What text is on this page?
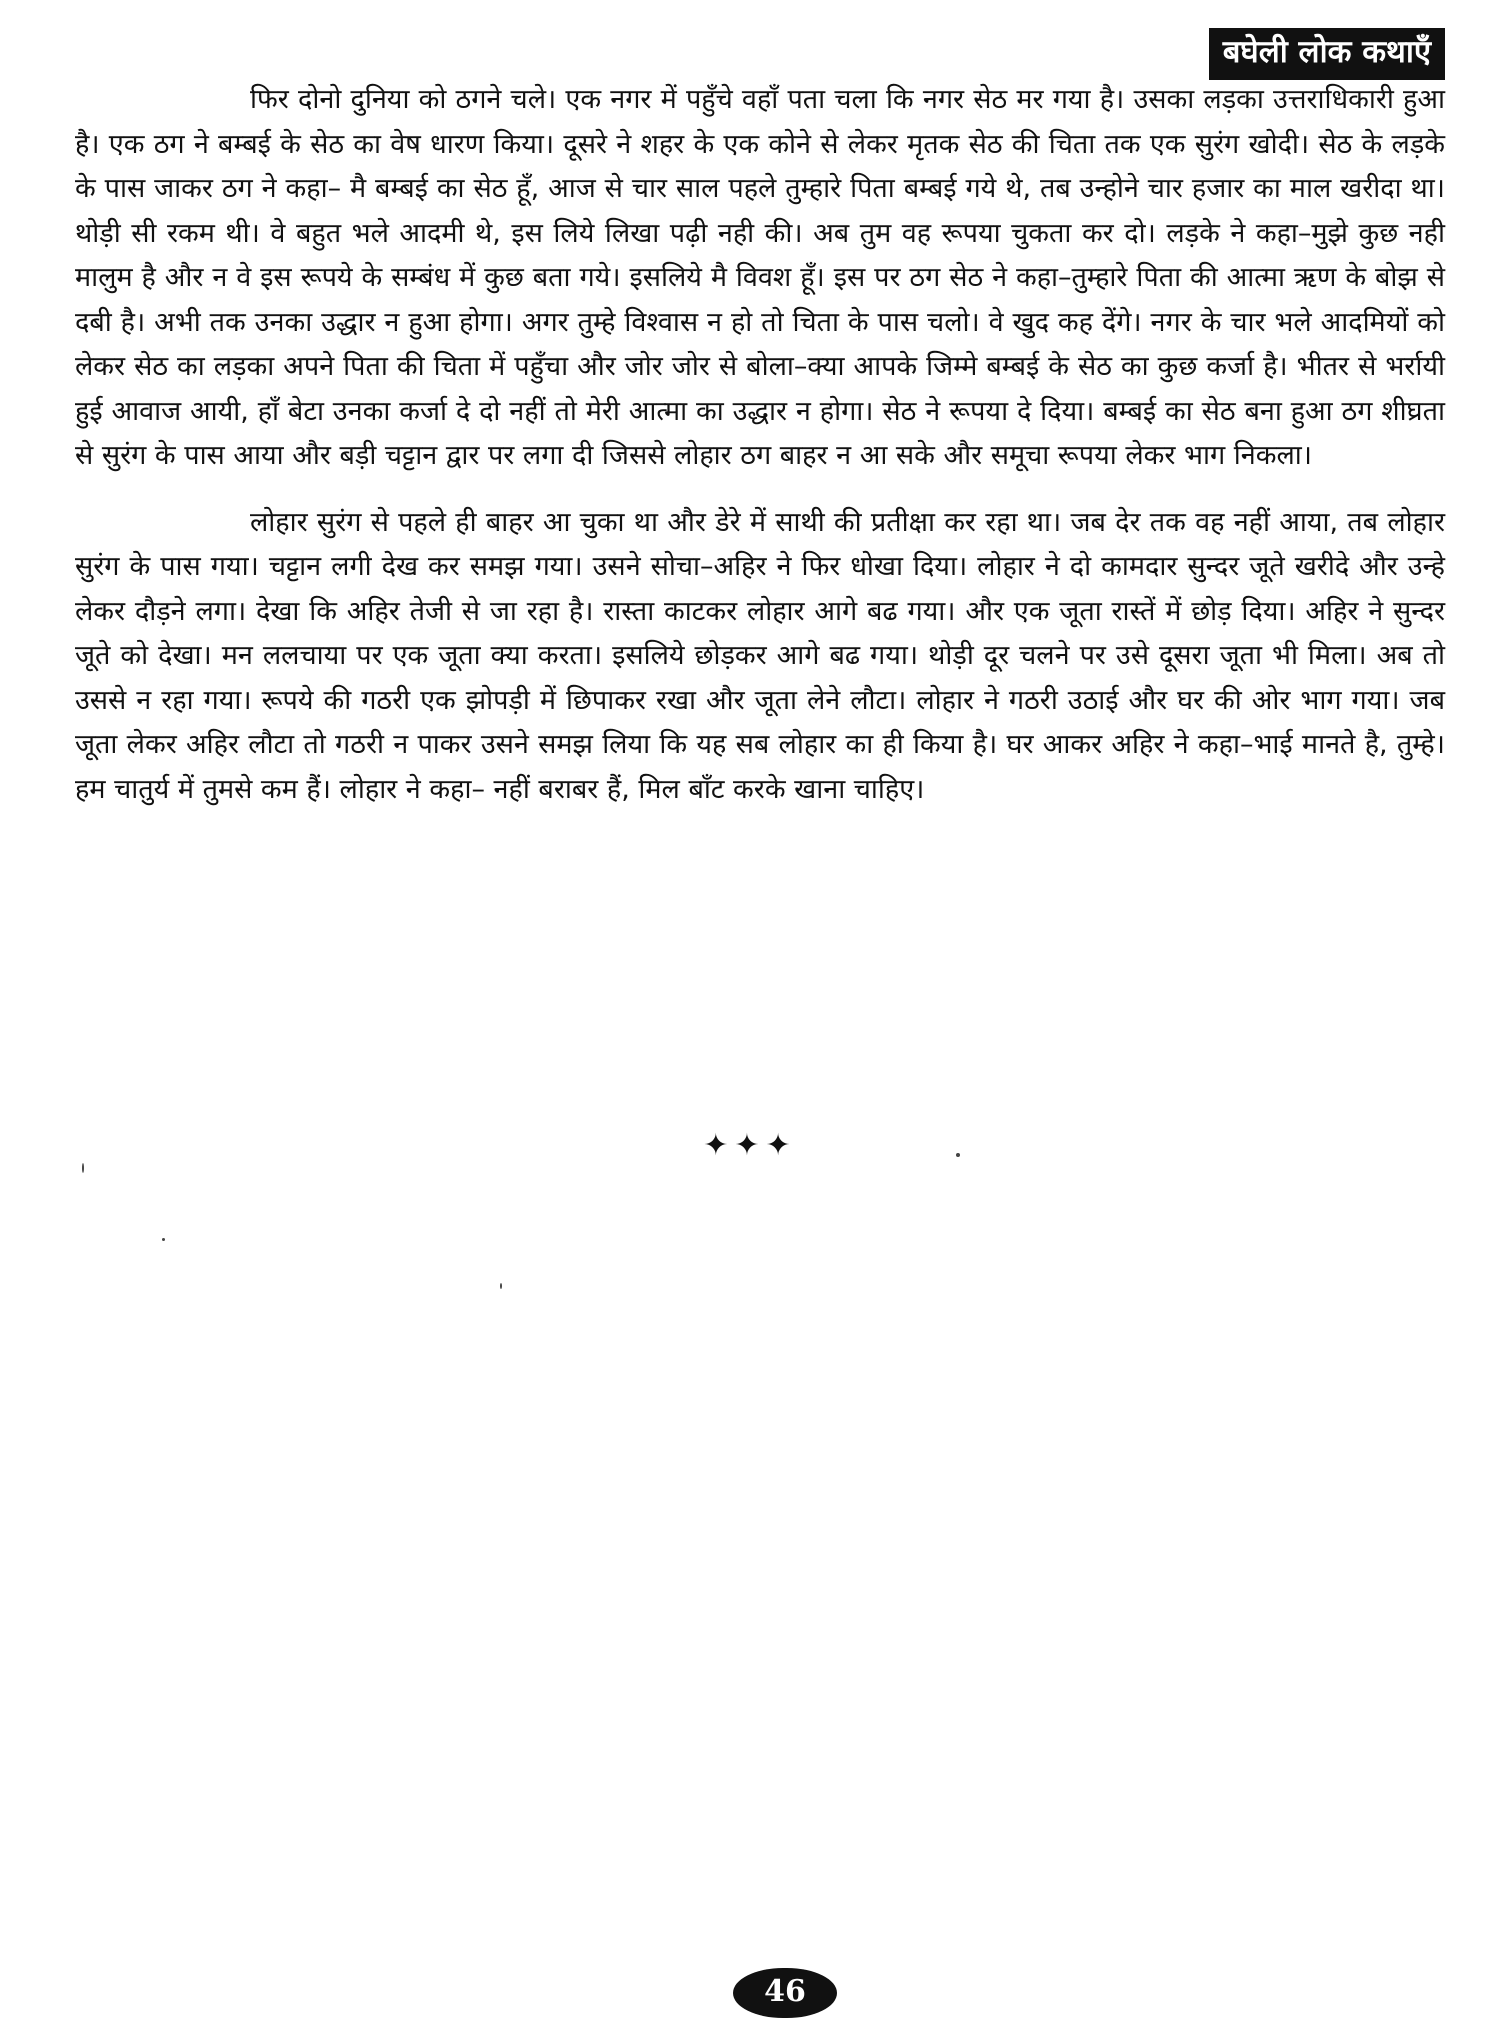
बघेली लोक कथाएँ

फिर दोनो दुनिया को ठगने चले। एक नगर में पहुँचे वहाँ पता चला कि नगर सेठ मर गया है। उसका लड़का उत्तराधिकारी हुआ है। एक ठग ने बम्बई के सेठ का वेष धारण किया। दूसरे ने शहर के एक कोने से लेकर मृतक सेठ की चिता तक एक सुरंग खोदी। सेठ के लड़के के पास जाकर ठग ने कहा– मै बम्बई का सेठ हूँ, आज से चार साल पहले तुम्हारे पिता बम्बई गये थे, तब उन्होने चार हजार का माल खरीदा था। थोड़ी सी रकम थी। वे बहुत भले आदमी थे, इस लिये लिखा पढ़ी नही की। अब तुम वह रूपया चुकता कर दो। लड़के ने कहा–मुझे कुछ नही मालुम है और न वे इस रूपये के सम्बंध में कुछ बता गये। इसलिये मै विवश हूँ। इस पर ठग सेठ ने कहा–तुम्हारे पिता की आत्मा ऋण के बोझ से दबी है। अभी तक उनका उद्धार न हुआ होगा। अगर तुम्हे विश्वास न हो तो चिता के पास चलो। वे खुद कह देंगे। नगर के चार भले आदमियों को लेकर सेठ का लड़का अपने पिता की चिता में पहुँचा और जोर जोर से बोला–क्या आपके जिम्मे बम्बई के सेठ का कुछ कर्जा है। भीतर से भर्रायी हुई आवाज आयी, हाँ बेटा उनका कर्जा दे दो नहीं तो मेरी आत्मा का उद्धार न होगा। सेठ ने रूपया दे दिया। बम्बई का सेठ बना हुआ ठग शीघ्रता से सुरंग के पास आया और बड़ी चट्टान द्वार पर लगा दी जिससे लोहार ठग बाहर न आ सके और समूचा रूपया लेकर भाग निकला।

लोहार सुरंग से पहले ही बाहर आ चुका था और डेरे में साथी की प्रतीक्षा कर रहा था। जब देर तक वह नहीं आया, तब लोहार सुरंग के पास गया। चट्टान लगी देख कर समझ गया। उसने सोचा–अहिर ने फिर धोखा दिया। लोहार ने दो कामदार सुन्दर जूते खरीदे और उन्हे लेकर दौड़ने लगा। देखा कि अहिर तेजी से जा रहा है। रास्ता काटकर लोहार आगे बढ गया। और एक जूता रास्तें में छोड़ दिया। अहिर ने सुन्दर जूते को देखा। मन ललचाया पर एक जूता क्या करता। इसलिये छोड़कर आगे बढ गया। थोड़ी दूर चलने पर उसे दूसरा जूता भी मिला। अब तो उससे न रहा गया। रूपये की गठरी एक झोपड़ी में छिपाकर रखा और जूता लेने लौटा। लोहार ने गठरी उठाई और घर की ओर भाग गया। जब जूता लेकर अहिर लौटा तो गठरी न पाकर उसने समझ लिया कि यह सब लोहार का ही किया है। घर आकर अहिर ने कहा–भाई मानते है, तुम्हे। हम चातुर्य में तुमसे कम हैं। लोहार ने कहा– नहीं बराबर हैं, मिल बाँट करके खाना चाहिए।

✦✦✦
46
